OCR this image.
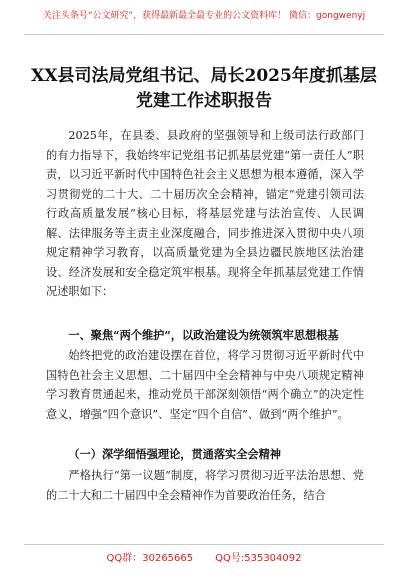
关注头条号“公文研究”，获得最新最全最专业的公文资料库！ 微信：gongwenyj
XX县司法局党组书记、局长2025年度抓基层党建工作述职报告
2025年，在县委、县政府的坚强领导和上级司法行政部门的有力指导下，我始终牢记党组书记抓基层党建“第一责任人”职责，以习近平新时代中国特色社会主义思想为根本遵循，深入学习贯彻党的二十大、二十届历次全会精神，锚定“党建引领司法行政高质量发展”核心目标，将基层党建与法治宣传、人民调解、法律服务等主责主业深度融合，同步推进深入贯彻中央八项规定精神学习教育，以高质量党建为全县边疆民族地区法治建设、经济发展和安全稳定筑牢根基。现将全年抓基层党建工作情况述职如下：
一、聚焦“两个维护”，以政治建设为统领筑牢思想根基
始终把党的政治建设摆在首位，将学习贯彻习近平新时代中国特色社会主义思想、二十届四中全会精神与中央八项规定精神学习教育贯通起来，推动党员干部深刻领悟“两个确立”的决定性意义，增强“四个意识”、坚定“四个自信”、做到“两个维护”。
（一）深学细悟强理论，贯通落实全会精神
严格执行“第一议题”制度，将学习贯彻习近平法治思想、党的二十大和二十届四中全会精神作为首要政治任务，结合
QQ群：30265665 QQ号:535304092
